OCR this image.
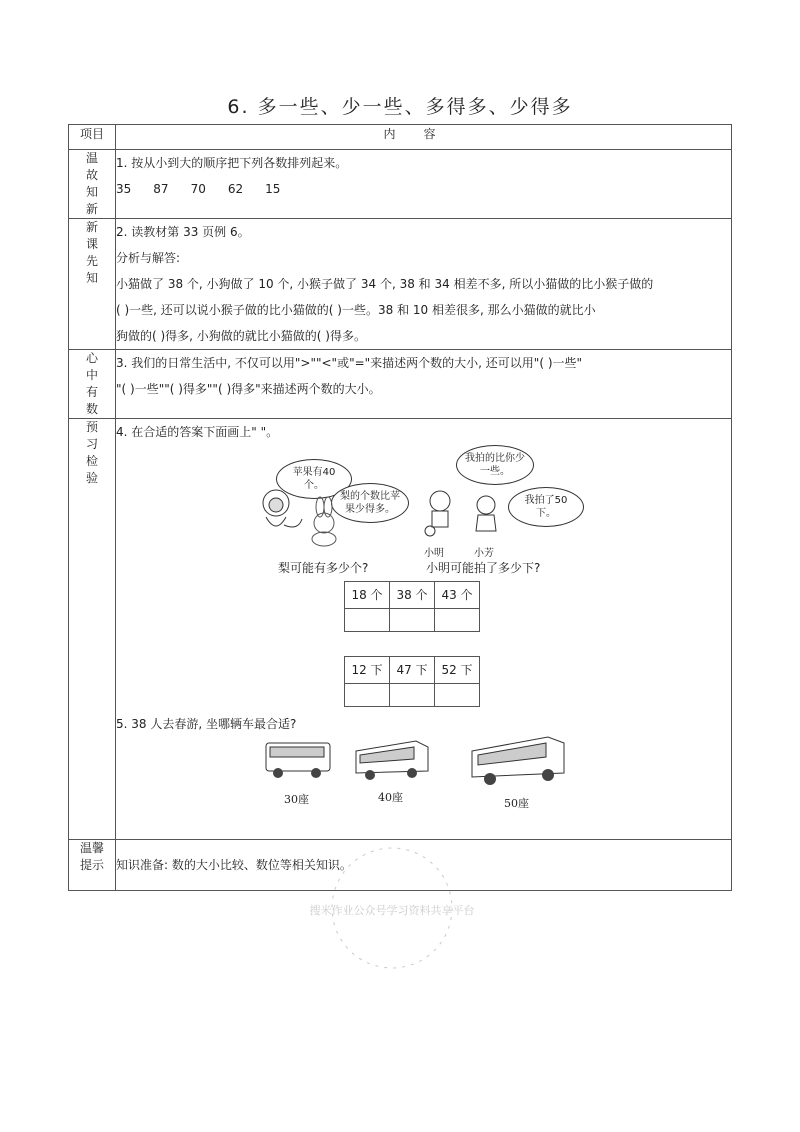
6. 多一些、少一些、多得多、少得多
项目	内容
温故知新	
1. 按从小到大的顺序把下列各数排列起来。
35 87 70 62 15

新课先知	
2. 读教材第 33 页例 6。
分析与解答:
小猫做了 38 个, 小狗做了 10 个, 小猴子做了 34 个, 38 和 34 相差不多, 所以小猫做的比小猴子做的
( )一些, 还可以说小猴子做的比小猫做的( )一些。38 和 10 相差很多, 那么小猫做的就比小
狗做的( )得多, 小狗做的就比小猫做的( )得多。

心中有数	
3. 我们的日常生活中, 不仅可以用">""<"或"="来描述两个数的大小, 还可以用"( )一些"
"( )一些""( )得多""( )得多"来描述两个数的大小。

预习检验	
4. 在合适的答案下面画上" "。
苹果有40个。
梨的个数比苹果少得多。
我拍的比你少一些。
我拍了50下。
小明	小芳
梨可能有多少个?	小明可能拍了多少下?
18 个	38 个	43 个

12 下	47 下	52 下

5. 38 人去春游, 坐哪辆车最合适?
30座	40座	50座

温馨提示	知识准备: 数的大小比较、数位等相关知识。
搜米作业公众号学习资料共享平台
